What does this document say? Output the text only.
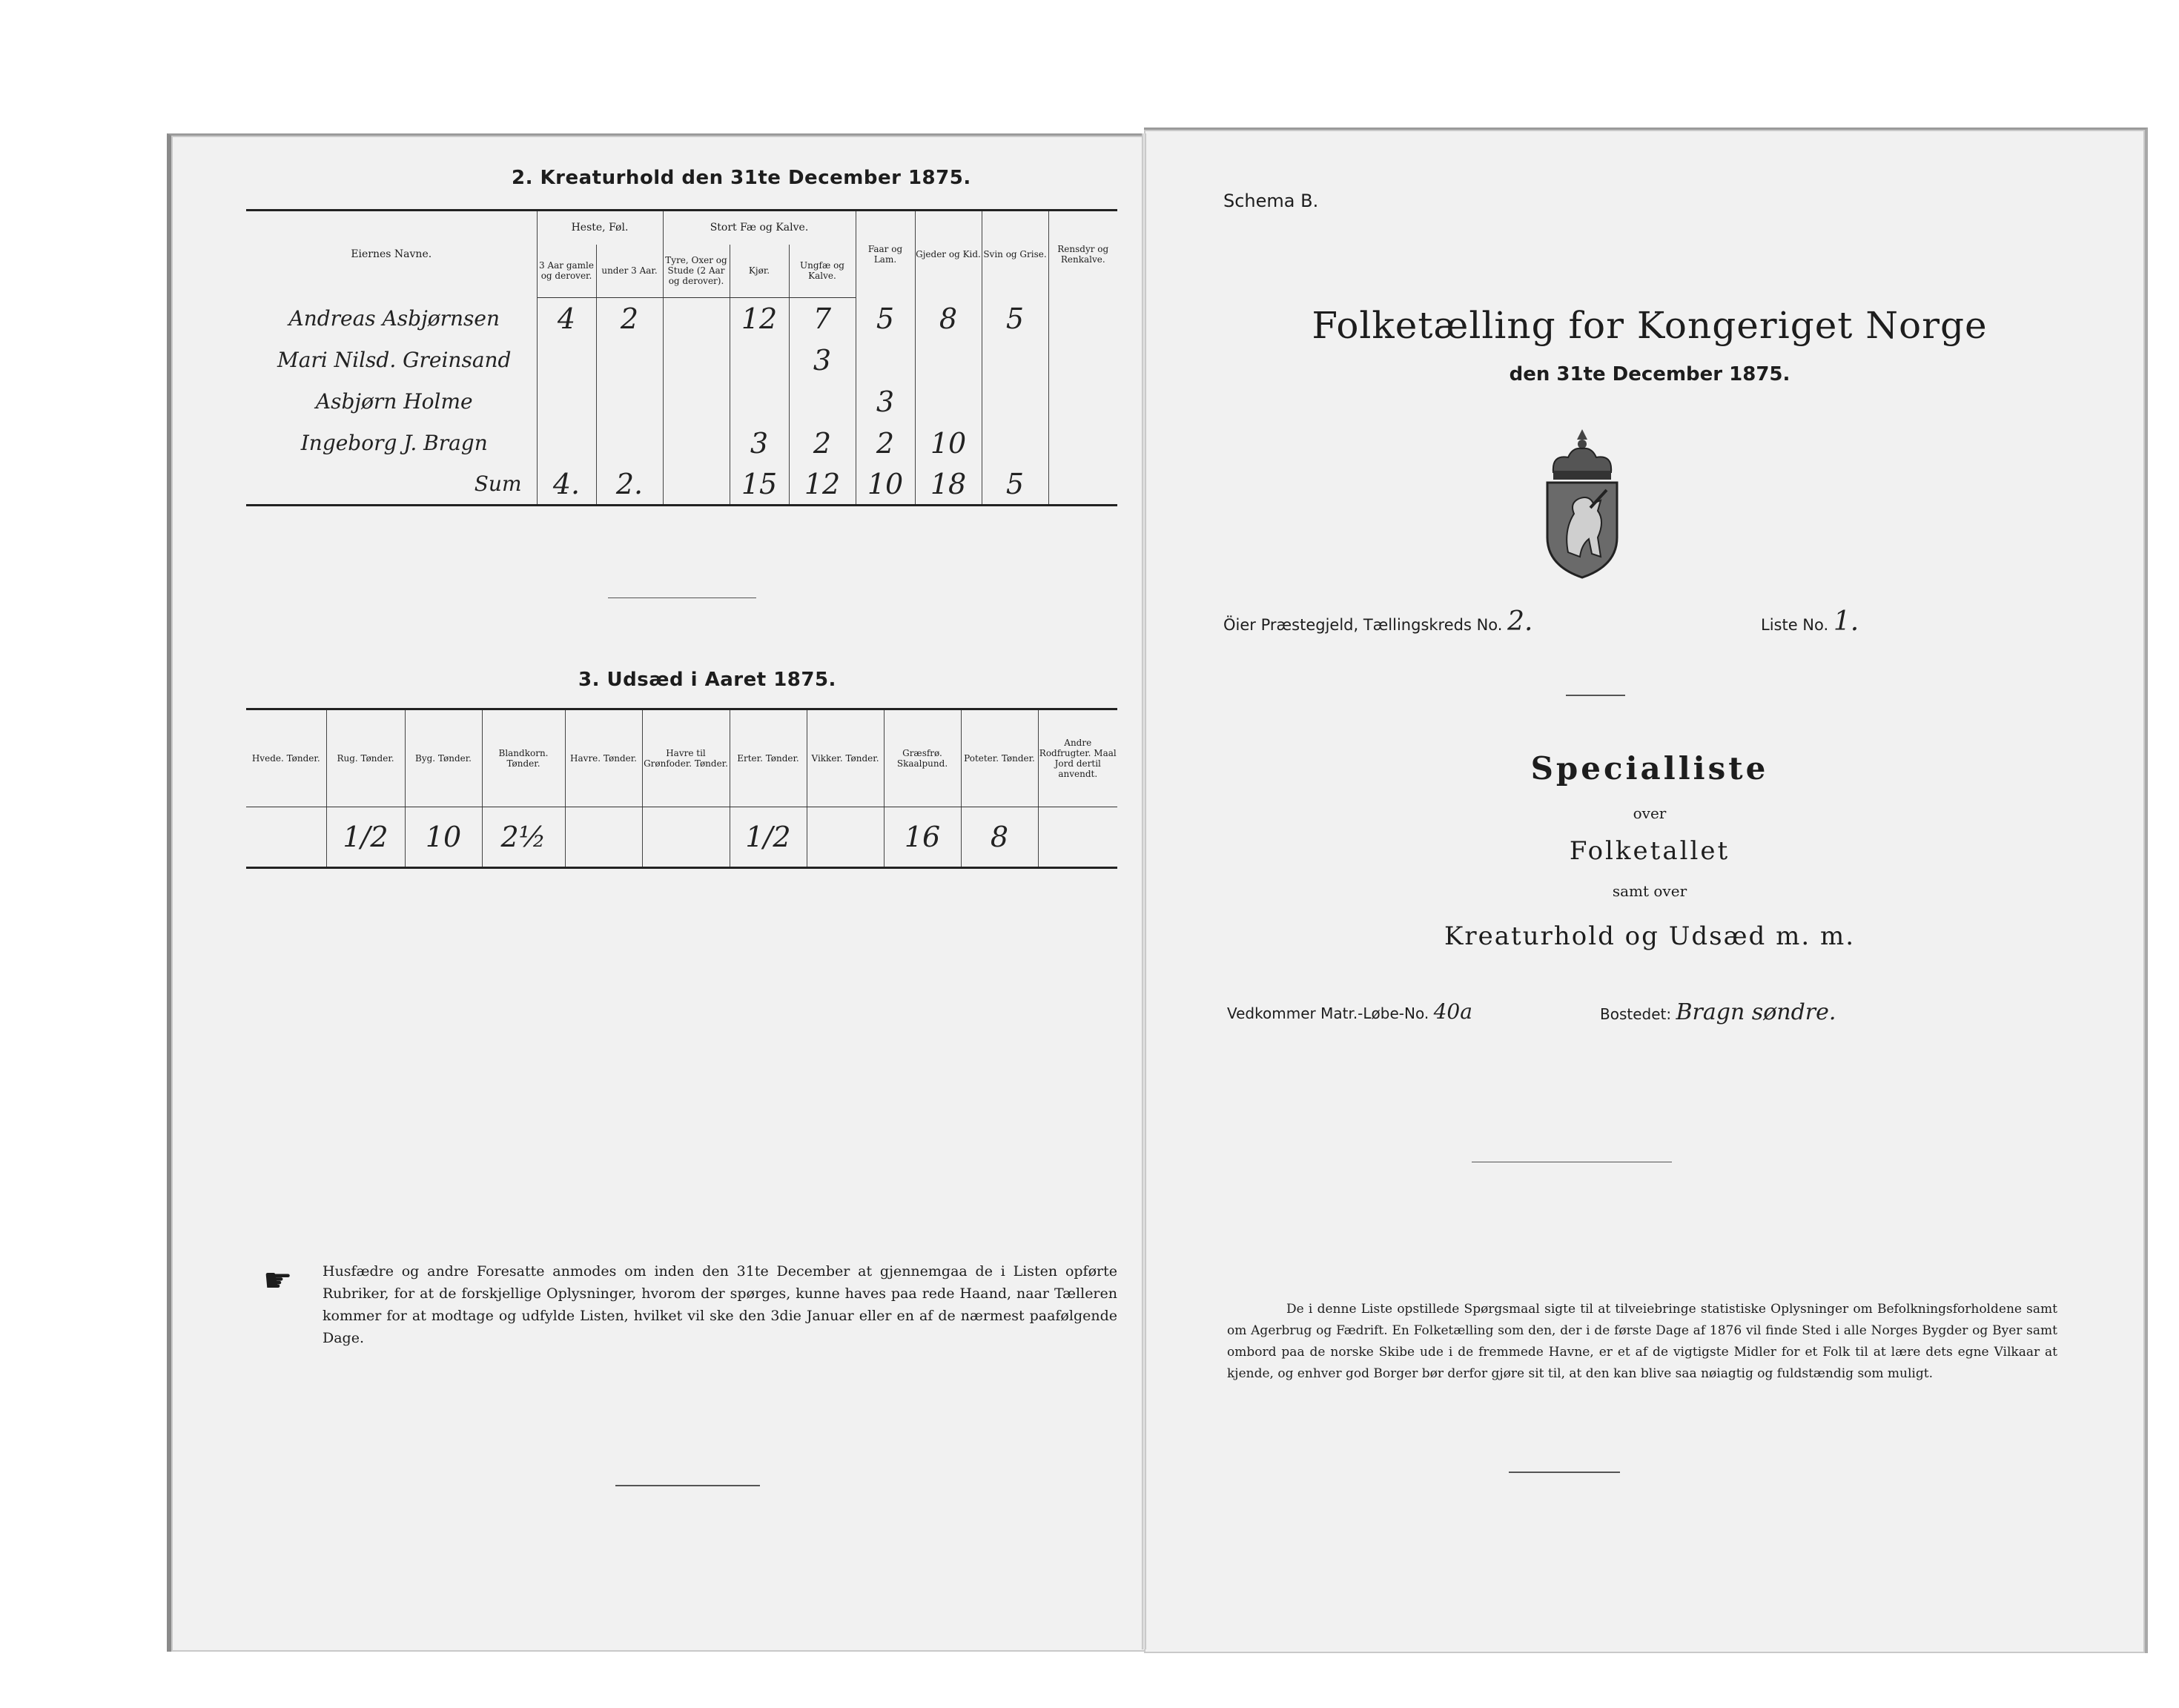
2. Kreaturhold den 31te December 1875.
Eiernes Navne.	Heste, Føl.		Stort Fæ og Kalve.			Faar og Lam.	Gjeder og Kid.	Svin og Grise.	Rensdyr og Renkalve.
	3 Aar gamle og derover.	under 3 Aar.	Tyre, Oxer og Stude (2 Aar og derover).	Kjør.	Ungfæ og Kalve.				
Andreas Asbjørnsen	4	2		12	7	5	8	5	
Mari Nilsd. Greinsand					3				
Asbjørn Holme						3			
Ingeborg J. Bragn				3	2	2	10		
Sum	4.	2.		15	12	10	18	5	
3. Udsæd i Aaret 1875.
Hvede. Tønder.	Rug. Tønder.	Byg. Tønder.	Blandkorn. Tønder.	Havre. Tønder.	Havre til Grønfoder. Tønder.	Erter. Tønder.	Vikker. Tønder.	Græsfrø. Skaalpund.	Poteter. Tønder.	Andre Rodfrugter. Maal Jord dertil anvendt.
	1/2	10	2½			1/2		16	8	
☛ Husfædre og andre Foresatte anmodes om inden den 31te December at gjennemgaa de i Listen opførte Rubriker, for at de forskjellige Oplysninger, hvorom der spørges, kunne haves paa rede Haand, naar Tælleren kommer for at modtage og udfylde Listen, hvilket vil ske den 3die Januar eller en af de nærmest paafølgende Dage.
Schema B.
Folketælling for Kongeriget Norge
den 31te December 1875.
Öier Præstegjeld, Tællingskreds No. 2.	Liste No. 1.
Specialliste
over
Folketallet
samt over
Kreaturhold og Udsæd m. m.
Vedkommer Matr.-Løbe-No. 40a	Bostedet: Bragn søndre.
De i denne Liste opstillede Spørgsmaal sigte til at tilveiebringe statistiske Oplysninger om Befolkningsforholdene samt om Agerbrug og Fædrift. En Folketælling som den, der i de første Dage af 1876 vil finde Sted i alle Norges Bygder og Byer samt ombord paa de norske Skibe ude i de fremmede Havne, er et af de vigtigste Midler for et Folk til at lære dets egne Vilkaar at kjende, og enhver god Borger bør derfor gjøre sit til, at den kan blive saa nøiagtig og fuldstændig som muligt.
